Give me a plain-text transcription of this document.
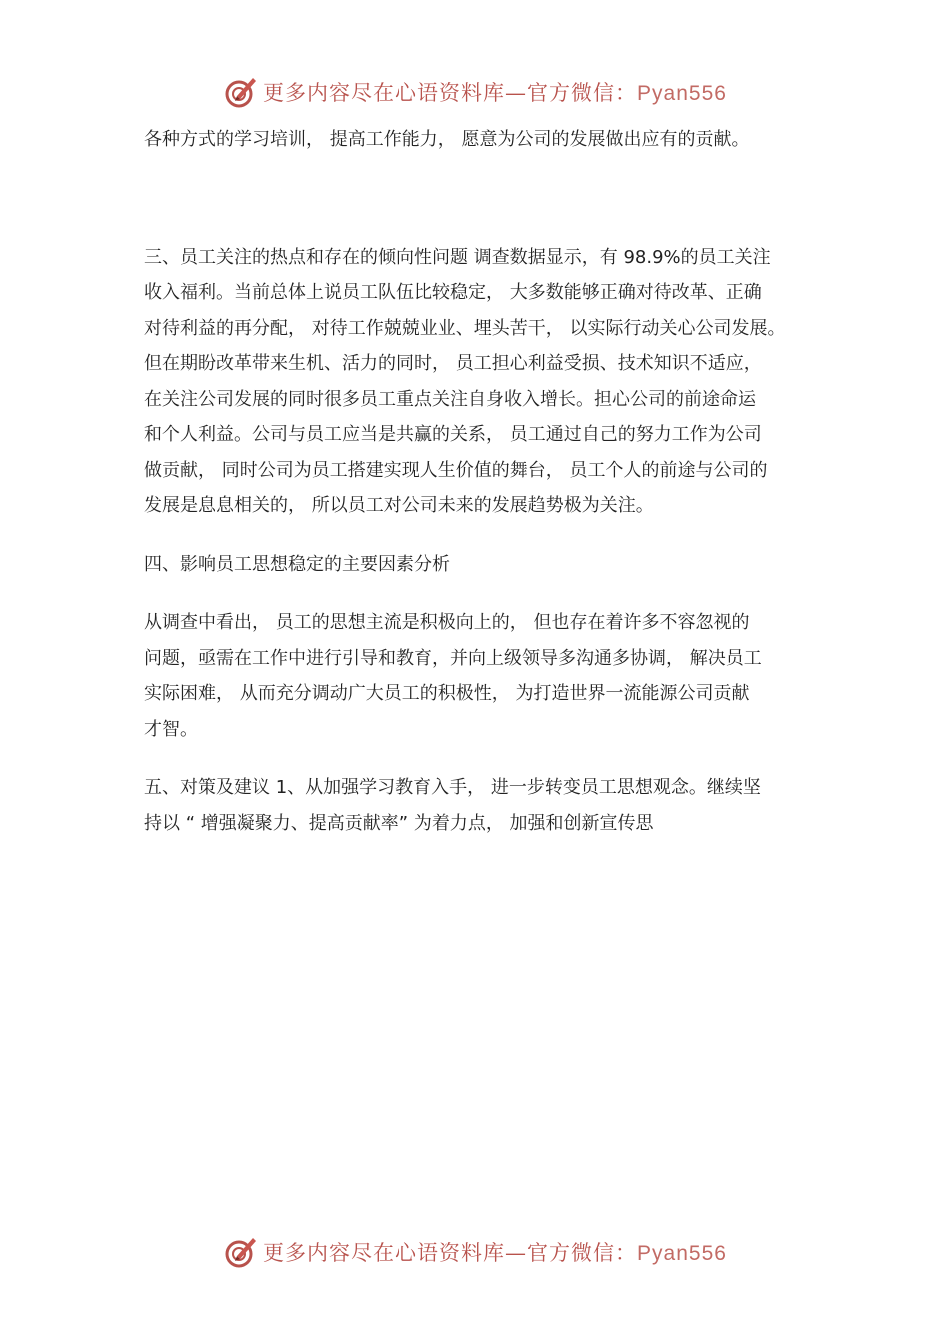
更多内容尽在心语资料库—官方微信：Pyan556

各种方式的学习培训， 提高工作能力， 愿意为公司的发展做出应有的贡献。

三、员工关注的热点和存在的倾向性问题 调查数据显示，有 98.9%的员工关注

收入福利。当前总体上说员工队伍比较稳定， 大多数能够正确对待改革、正确

对待利益的再分配， 对待工作兢兢业业、埋头苦干， 以实际行动关心公司发展。

但在期盼改革带来生机、活力的同时， 员工担心利益受损、技术知识不适应，

在关注公司发展的同时很多员工重点关注自身收入增长。担心公司的前途命运

和个人利益。公司与员工应当是共赢的关系， 员工通过自己的努力工作为公司

做贡献， 同时公司为员工搭建实现人生价值的舞台， 员工个人的前途与公司的

发展是息息相关的， 所以员工对公司未来的发展趋势极为关注。

四、影响员工思想稳定的主要因素分析

从调查中看出， 员工的思想主流是积极向上的， 但也存在着许多不容忽视的

问题，亟需在工作中进行引导和教育，并向上级领导多沟通多协调， 解决员工

实际困难， 从而充分调动广大员工的积极性， 为打造世界一流能源公司贡献

才智。

五、对策及建议 1、从加强学习教育入手， 进一步转变员工思想观念。继续坚

持以 “ 增强凝聚力、提高贡献率” 为着力点， 加强和创新宣传思

更多内容尽在心语资料库—官方微信：Pyan556
